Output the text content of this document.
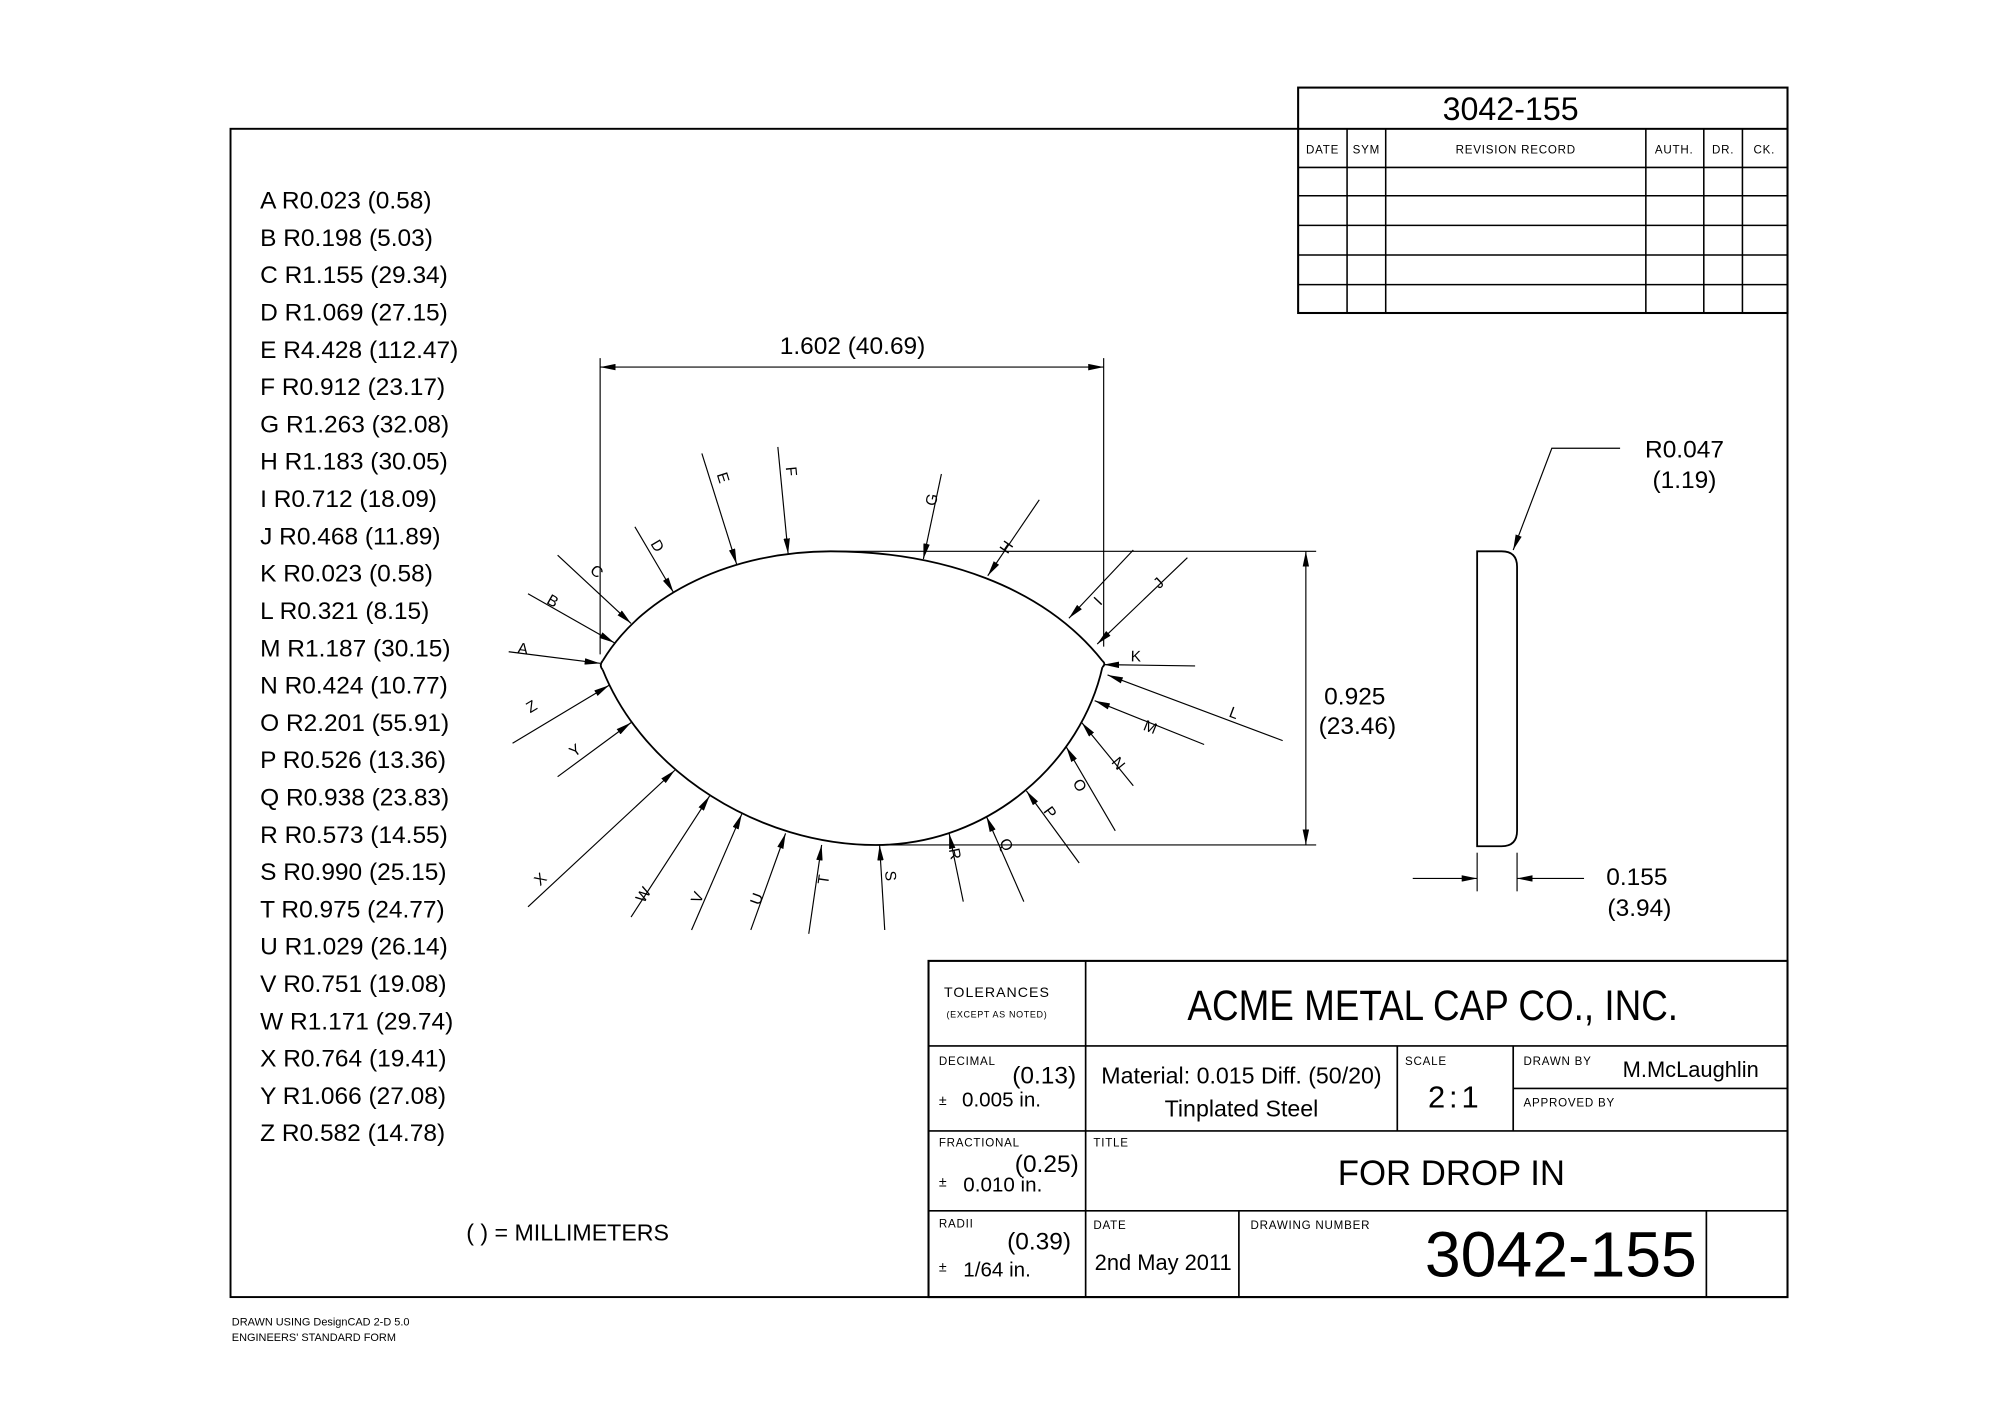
3042-155
DATE SYM	REVISION RECORD	AUTH. DR. CK.
A R0.023 (0.58)
B R0.198 (5.03)
C R1.155 (29.34)
D R1.069 (27.15)
E R4.428 (112.47)
F R0.912 (23.17)
G R1.263 (32.08)
H R1.183 (30.05)
I R0.712 (18.09)
J R0.468 (11.89)
K R0.023 (0.58)
L R0.321 (8.15)
M R1.187 (30.15)
N R0.424 (10.77)
O R2.201 (55.91)
P R0.526 (13.36)
Q R0.938 (23.83)
R R0.573 (14.55)
S R0.990 (25.15)
T R0.975 (24.77)
U R1.029 (26.14)
V R0.751 (19.08)
W R1.171 (29.74)
X R0.764 (19.41)
Y R1.066 (27.08)
Z R0.582 (14.78)
( ) = MILLIMETERS
1.602 (40.69)
0.925
(23.46)
A
B
C
D
E	F
G
H
I
J
K
L
M
N
O
P
Q
R
S
T
U
V
W
X
Y
Z
R0.047
(1.19)
0.155
(3.94)
TOLERANCES
(EXCEPT AS NOTED)	ACME METAL CAP CO., INC.
DECIMAL
(0.13)
± 0.005 in.
FRACTIONAL
(0.25)
± 0.010 in.
RADII
(0.39)
± 1/64 in.
Material: 0.015 Diff. (50/20)
Tinplated Steel
SCALE
2:1
DRAWN BY M.McLaughlin
APPROVED BY
TITLE
FOR DROP IN
DATE
2nd May 2011
DRAWING NUMBER 3042-155
DRAWN USING DesignCAD 2-D 5.0
ENGINEERS' STANDARD FORM
